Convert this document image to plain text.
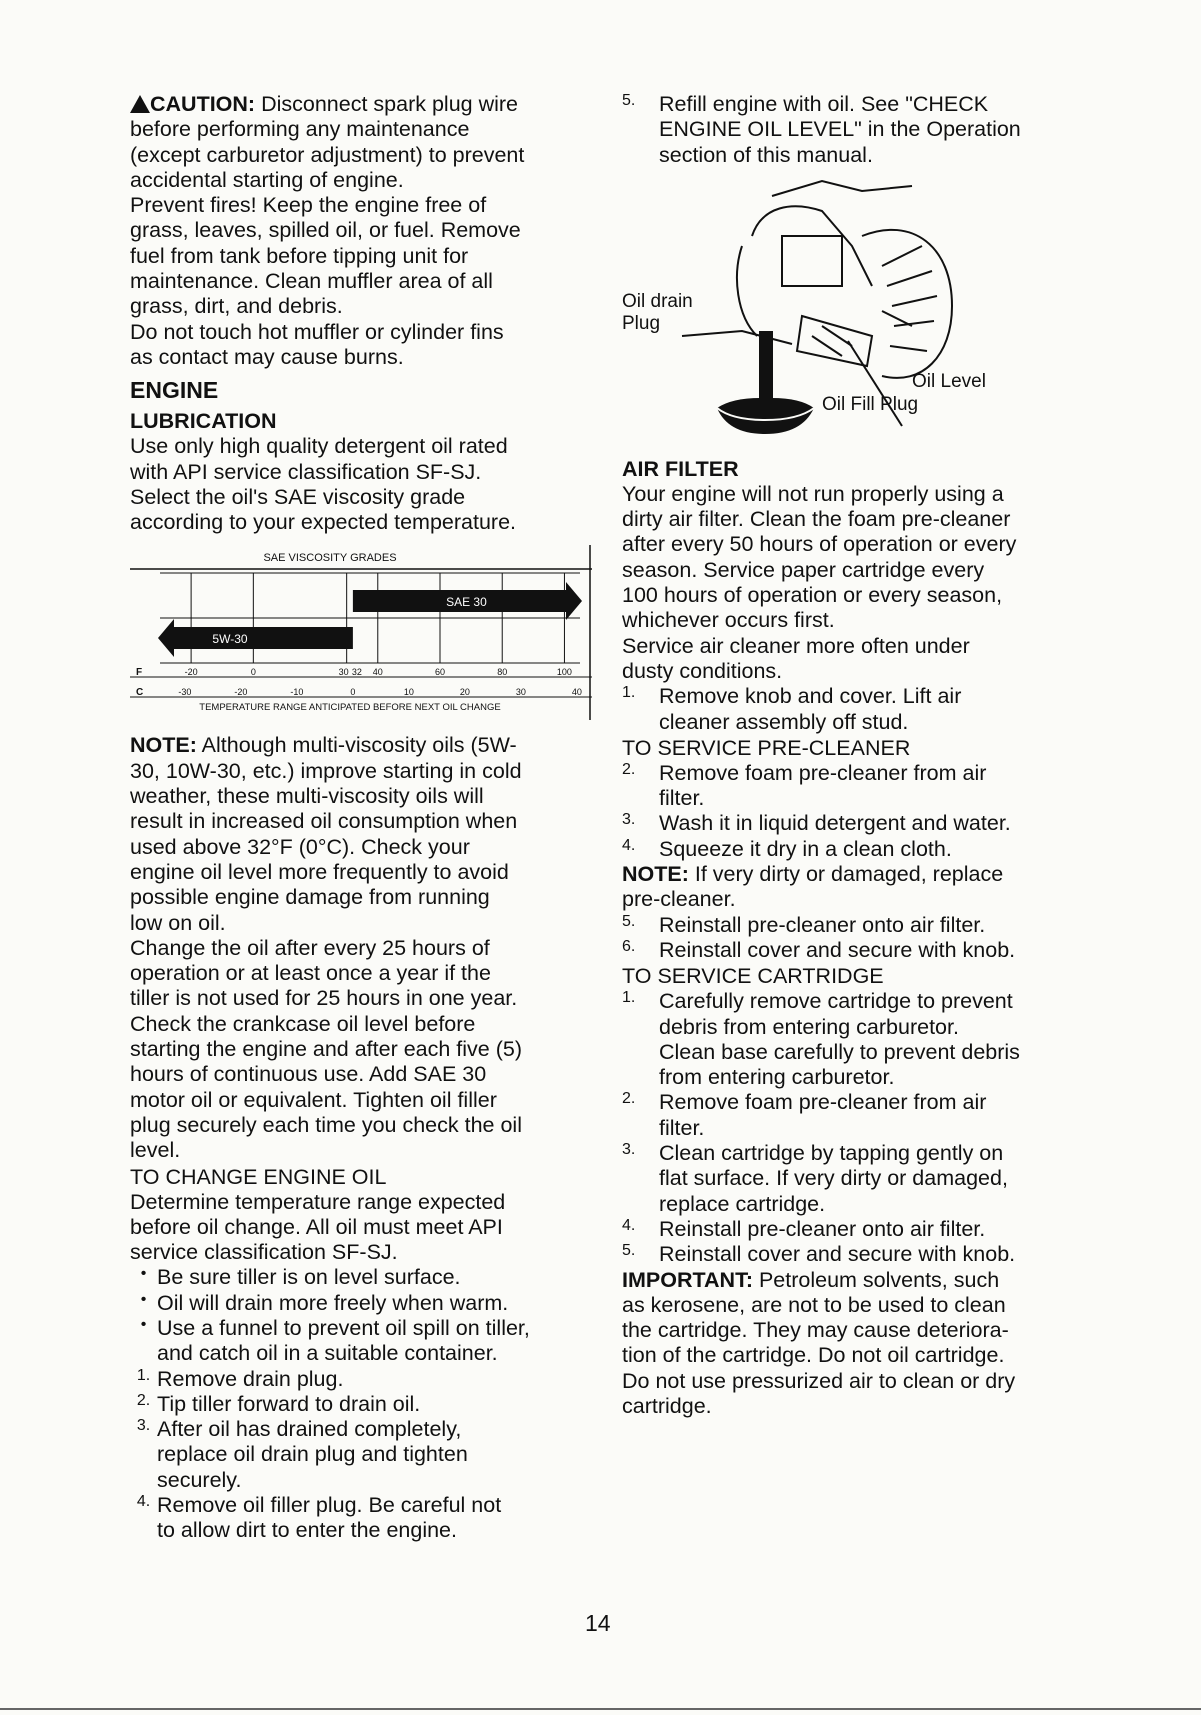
CAUTION: Disconnect spark plug wire
before performing any maintenance
(except carburetor adjustment) to prevent
accidental starting of engine.
Prevent fires! Keep the engine free of
grass, leaves, spilled oil, or fuel. Remove
fuel from tank before tipping unit for
maintenance. Clean muffler area of all
grass, dirt, and debris.
Do not touch hot muffler or cylinder fins
as contact may cause burns.
ENGINE
LUBRICATION
Use only high quality detergent oil rated
with API service classification SF-SJ.
Select the oil's SAE viscosity grade
according to your expected temperature.
SAE VISCOSITY GRADES
5W-30
SAE 30
F	-20	0	30 32 40	60	80	100
C	-30	-20	-10	0	10	20	30	40
TEMPERATURE RANGE ANTICIPATED BEFORE NEXT OIL CHANGE
NOTE: Although multi-viscosity oils (5W-
30, 10W-30, etc.) improve starting in cold
weather, these multi-viscosity oils will
result in increased oil consumption when
used above 32°F (0°C). Check your
engine oil level more frequently to avoid
possible engine damage from running
low on oil.
Change the oil after every 25 hours of
operation or at least once a year if the
tiller is not used for 25 hours in one year.
Check the crankcase oil level before
starting the engine and after each five (5)
hours of continuous use. Add SAE 30
motor oil or equivalent. Tighten oil filler
plug securely each time you check the oil
level.
TO CHANGE ENGINE OIL
Determine temperature range expected
before oil change. All oil must meet API
service classification SF-SJ.
• Be sure tiller is on level surface.
• Oil will drain more freely when warm.
• Use a funnel to prevent oil spill on tiller,
and catch oil in a suitable container.
1. Remove drain plug.
2. Tip tiller forward to drain oil.
3. After oil has drained completely,
replace oil drain plug and tighten
securely.
4. Remove oil filler plug. Be careful not
to allow dirt to enter the engine.
5.	Refill engine with oil. See "CHECK
ENGINE OIL LEVEL" in the Operation
section of this manual.
Oil drain
Plug
Oil Level
Oil Fill Plug
AIR FILTER
Your engine will not run properly using a
dirty air filter. Clean the foam pre-cleaner
after every 50 hours of operation or every
season. Service paper cartridge every
100 hours of operation or every season,
whichever occurs first.
Service air cleaner more often under
dusty conditions.
1.	Remove knob and cover. Lift air
cleaner assembly off stud.
TO SERVICE PRE-CLEANER
2.	Remove foam pre-cleaner from air
filter.
3.	Wash it in liquid detergent and water.
4.	Squeeze it dry in a clean cloth.
NOTE: If very dirty or damaged, replace
pre-cleaner.
5.	Reinstall pre-cleaner onto air filter.
6.	Reinstall cover and secure with knob.
TO SERVICE CARTRIDGE
1.	Carefully remove cartridge to prevent
debris from entering carburetor.
Clean base carefully to prevent debris
from entering carburetor.
2.	Remove foam pre-cleaner from air
filter.
3.	Clean cartridge by tapping gently on
flat surface. If very dirty or damaged,
replace cartridge.
4.	Reinstall pre-cleaner onto air filter.
5.	Reinstall cover and secure with knob.
IMPORTANT: Petroleum solvents, such
as kerosene, are not to be used to clean
the cartridge. They may cause deteriora-
tion of the cartridge. Do not oil cartridge.
Do not use pressurized air to clean or dry
cartridge.
14
